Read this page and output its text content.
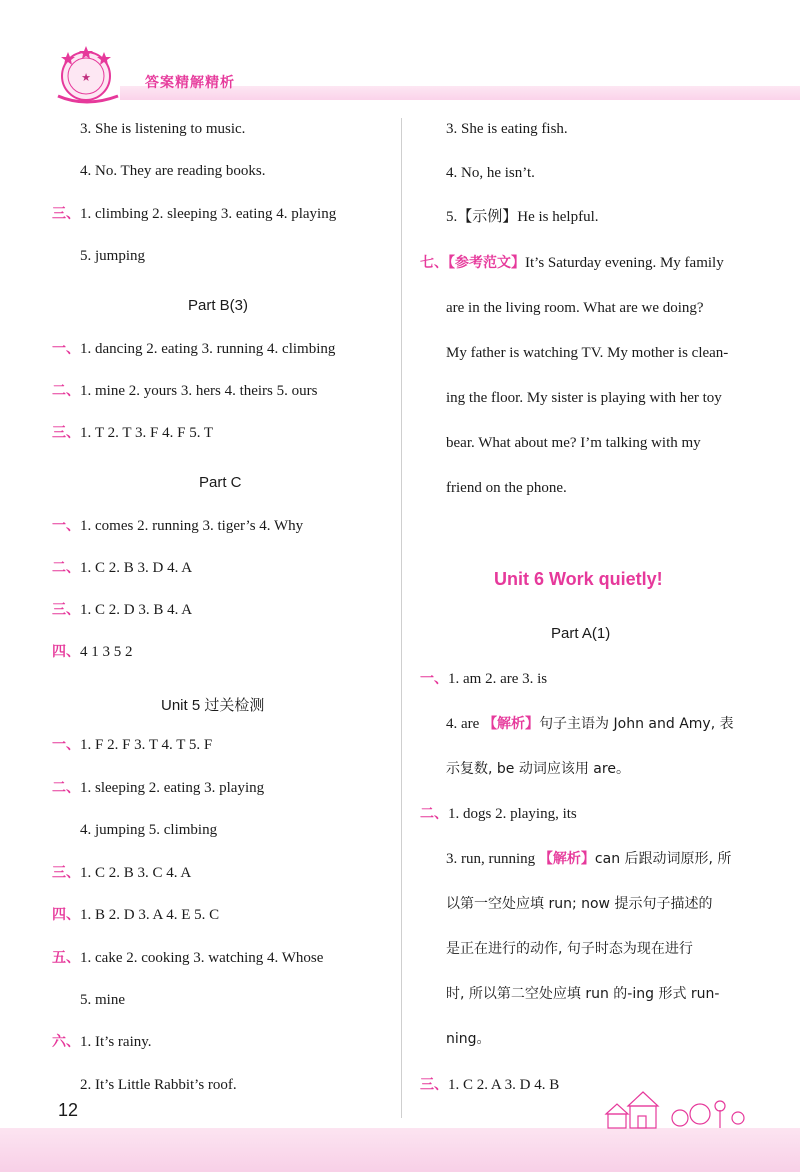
★	答案精解精析
3. She is listening to music.
4. No. They are reading books.
三、1. climbing 2. sleeping 3. eating 4. playing
5. jumping
Part B(3)
一、1. dancing 2. eating 3. running 4. climbing
二、1. mine 2. yours 3. hers 4. theirs 5. ours
三、1. T 2. T 3. F 4. F 5. T
Part C
一、1. comes 2. running 3. tiger’s 4. Why
二、1. C 2. B 3. D 4. A
三、1. C 2. D 3. B 4. A
四、4 1 3 5 2
Unit 5 过关检测
一、1. F 2. F 3. T 4. T 5. F
二、1. sleeping 2. eating 3. playing
4. jumping 5. climbing
三、1. C 2. B 3. C 4. A
四、1. B 2. D 3. A 4. E 5. C
五、1. cake 2. cooking 3. watching 4. Whose
5. mine
六、1. It’s rainy.
2. It’s Little Rabbit’s roof.
3. She is eating fish.
4. No, he isn’t.
5.【示例】He is helpful.
七、【参考范文】It’s Saturday evening. My family
are in the living room. What are we doing?
My father is watching TV. My mother is clean-
ing the floor. My sister is playing with her toy
bear. What about me? I’m talking with my
friend on the phone.
Unit 6 Work quietly!
Part A(1)
一、1. am 2. are 3. is
4. are 【解析】句子主语为 John and Amy, 表
示复数, be 动词应该用 are。
二、1. dogs 2. playing, its
3. run, running 【解析】can 后跟动词原形, 所
以第一空处应填 run; now 提示句子描述的
是正在进行的动作, 句子时态为现在进行
时, 所以第二空处应填 run 的-ing 形式 run-
ning。
三、1. C 2. A 3. D 4. B
12
